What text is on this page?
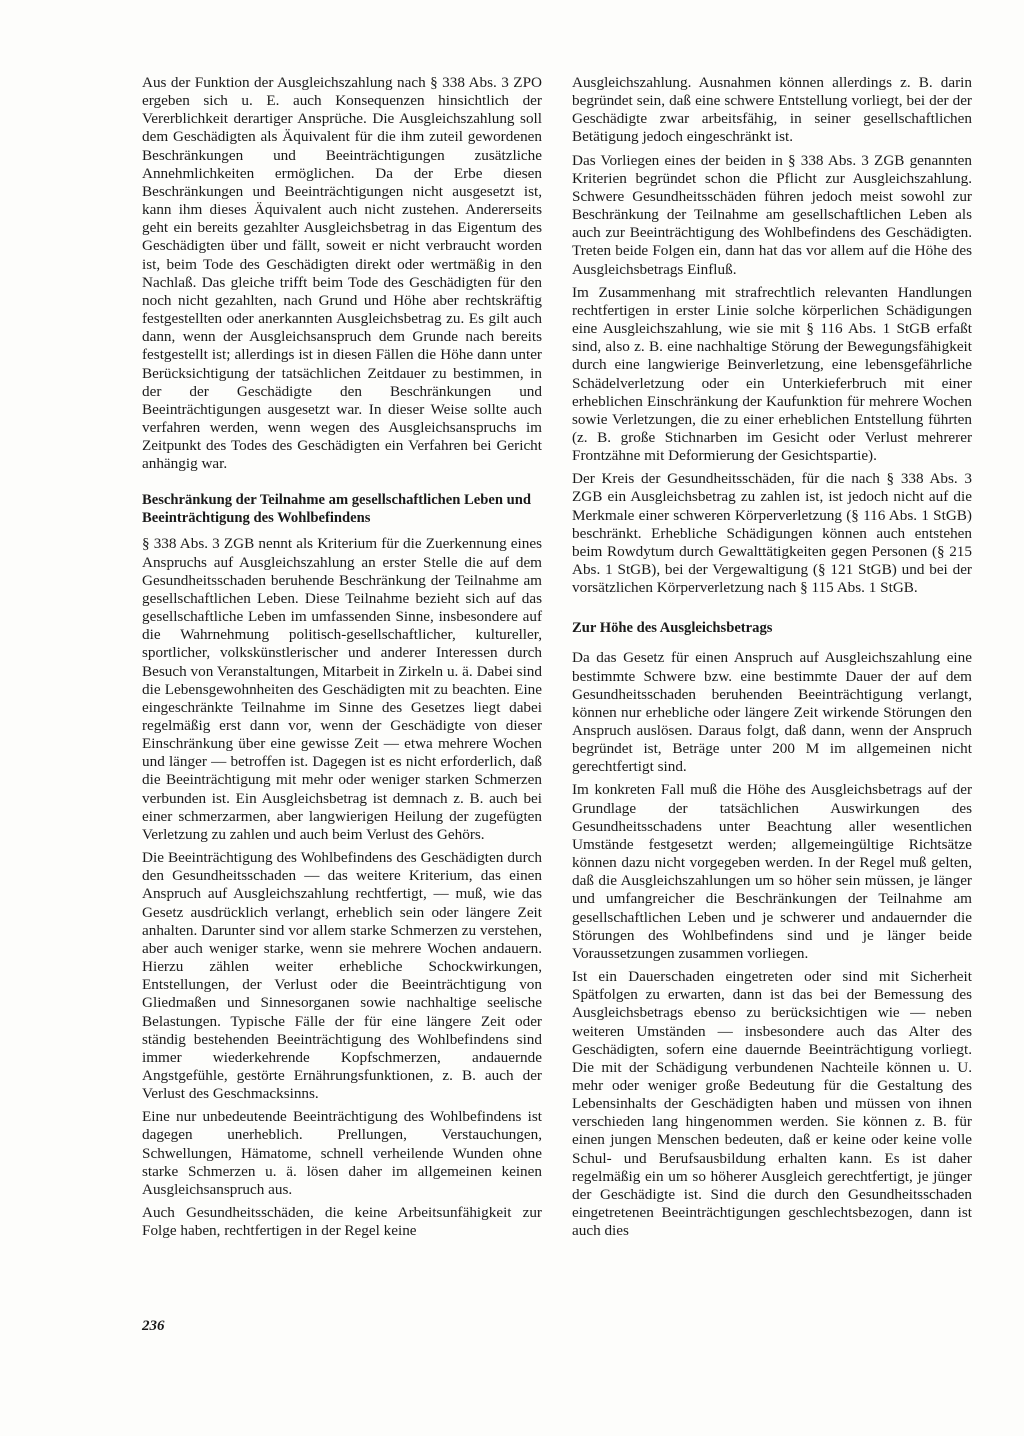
Aus der Funktion der Ausgleichszahlung nach § 338 Abs. 3 ZPO ergeben sich u. E. auch Konsequenzen hinsichtlich der Vererblichkeit derartiger Ansprüche. Die Ausgleichszahlung soll dem Geschädigten als Äquivalent für die ihm zuteil gewordenen Beschränkungen und Beeinträchtigungen zusätzliche Annehmlichkeiten ermöglichen. Da der Erbe diesen Beschränkungen und Beeinträchtigungen nicht ausgesetzt ist, kann ihm dieses Äquivalent auch nicht zustehen. Andererseits geht ein bereits gezahlter Ausgleichsbetrag in das Eigentum des Geschädigten über und fällt, soweit er nicht verbraucht worden ist, beim Tode des Geschädigten direkt oder wertmäßig in den Nachlaß. Das gleiche trifft beim Tode des Geschädigten für den noch nicht gezahlten, nach Grund und Höhe aber rechtskräftig festgestellten oder anerkannten Ausgleichsbetrag zu. Es gilt auch dann, wenn der Ausgleichsanspruch dem Grunde nach bereits festgestellt ist; allerdings ist in diesen Fällen die Höhe dann unter Berücksichtigung der tatsächlichen Zeitdauer zu bestimmen, in der der Geschädigte den Beschränkungen und Beeinträchtigungen ausgesetzt war. In dieser Weise sollte auch verfahren werden, wenn wegen des Ausgleichsanspruchs im Zeitpunkt des Todes des Geschädigten ein Verfahren bei Gericht anhängig war.

Beschränkung der Teilnahme am gesellschaftlichen Leben und Beeinträchtigung des Wohlbefindens

§ 338 Abs. 3 ZGB nennt als Kriterium für die Zuerkennung eines Anspruchs auf Ausgleichszahlung an erster Stelle die auf dem Gesundheitsschaden beruhende Beschränkung der Teilnahme am gesellschaftlichen Leben. Diese Teilnahme bezieht sich auf das gesellschaftliche Leben im umfassenden Sinne, insbesondere auf die Wahrnehmung politisch-gesellschaftlicher, kultureller, sportlicher, volkskünstlerischer und anderer Interessen durch Besuch von Veranstaltungen, Mitarbeit in Zirkeln u. ä. Dabei sind die Lebensgewohnheiten des Geschädigten mit zu beachten. Eine eingeschränkte Teilnahme im Sinne des Gesetzes liegt dabei regelmäßig erst dann vor, wenn der Geschädigte von dieser Einschränkung über eine gewisse Zeit — etwa mehrere Wochen und länger — betroffen ist. Dagegen ist es nicht erforderlich, daß die Beeinträchtigung mit mehr oder weniger starken Schmerzen verbunden ist. Ein Ausgleichsbetrag ist demnach z. B. auch bei einer schmerzarmen, aber langwierigen Heilung der zugefügten Verletzung zu zahlen und auch beim Verlust des Gehörs.

Die Beeinträchtigung des Wohlbefindens des Geschädigten durch den Gesundheitsschaden — das weitere Kriterium, das einen Anspruch auf Ausgleichszahlung rechtfertigt, — muß, wie das Gesetz ausdrücklich verlangt, erheblich sein oder längere Zeit anhalten. Darunter sind vor allem starke Schmerzen zu verstehen, aber auch weniger starke, wenn sie mehrere Wochen andauern. Hierzu zählen weiter erhebliche Schockwirkungen, Entstellungen, der Verlust oder die Beeinträchtigung von Gliedmaßen und Sinnesorganen sowie nachhaltige seelische Belastungen. Typische Fälle der für eine längere Zeit oder ständig bestehenden Beeinträchtigung des Wohlbefindens sind immer wiederkehrende Kopfschmerzen, andauernde Angstgefühle, gestörte Ernährungsfunktionen, z. B. auch der Verlust des Geschmacksinns.

Eine nur unbedeutende Beeinträchtigung des Wohlbefindens ist dagegen unerheblich. Prellungen, Verstauchungen, Schwellungen, Hämatome, schnell verheilende Wunden ohne starke Schmerzen u. ä. lösen daher im allgemeinen keinen Ausgleichsanspruch aus.

Auch Gesundheitsschäden, die keine Arbeitsunfähigkeit zur Folge haben, rechtfertigen in der Regel keine

Ausgleichszahlung. Ausnahmen können allerdings z. B. darin begründet sein, daß eine schwere Entstellung vorliegt, bei der der Geschädigte zwar arbeitsfähig, in seiner gesellschaftlichen Betätigung jedoch eingeschränkt ist.

Das Vorliegen eines der beiden in § 338 Abs. 3 ZGB genannten Kriterien begründet schon die Pflicht zur Ausgleichszahlung. Schwere Gesundheitsschäden führen jedoch meist sowohl zur Beschränkung der Teilnahme am gesellschaftlichen Leben als auch zur Beeinträchtigung des Wohlbefindens des Geschädigten. Treten beide Folgen ein, dann hat das vor allem auf die Höhe des Ausgleichsbetrags Einfluß.

Im Zusammenhang mit strafrechtlich relevanten Handlungen rechtfertigen in erster Linie solche körperlichen Schädigungen eine Ausgleichszahlung, wie sie mit § 116 Abs. 1 StGB erfaßt sind, also z. B. eine nachhaltige Störung der Bewegungsfähigkeit durch eine langwierige Beinverletzung, eine lebensgefährliche Schädelverletzung oder ein Unterkieferbruch mit einer erheblichen Einschränkung der Kaufunktion für mehrere Wochen sowie Verletzungen, die zu einer erheblichen Entstellung führten (z. B. große Stichnarben im Gesicht oder Verlust mehrerer Frontzähne mit Deformierung der Gesichtspartie).

Der Kreis der Gesundheitsschäden, für die nach § 338 Abs. 3 ZGB ein Ausgleichsbetrag zu zahlen ist, ist jedoch nicht auf die Merkmale einer schweren Körperverletzung (§ 116 Abs. 1 StGB) beschränkt. Erhebliche Schädigungen können auch entstehen beim Rowdytum durch Gewalttätigkeiten gegen Personen (§ 215 Abs. 1 StGB), bei der Vergewaltigung (§ 121 StGB) und bei der vorsätzlichen Körperverletzung nach § 115 Abs. 1 StGB.

Zur Höhe des Ausgleichsbetrags

Da das Gesetz für einen Anspruch auf Ausgleichszahlung eine bestimmte Schwere bzw. eine bestimmte Dauer der auf dem Gesundheitsschaden beruhenden Beeinträchtigung verlangt, können nur erhebliche oder längere Zeit wirkende Störungen den Anspruch auslösen. Daraus folgt, daß dann, wenn der Anspruch begründet ist, Beträge unter 200 M im allgemeinen nicht gerechtfertigt sind.

Im konkreten Fall muß die Höhe des Ausgleichsbetrags auf der Grundlage der tatsächlichen Auswirkungen des Gesundheitsschadens unter Beachtung aller wesentlichen Umstände festgesetzt werden; allgemeingültige Richtsätze können dazu nicht vorgegeben werden. In der Regel muß gelten, daß die Ausgleichszahlungen um so höher sein müssen, je länger und umfangreicher die Beschränkungen der Teilnahme am gesellschaftlichen Leben und je schwerer und andauernder die Störungen des Wohlbefindens sind und je länger beide Voraussetzungen zusammen vorliegen.

Ist ein Dauerschaden eingetreten oder sind mit Sicherheit Spätfolgen zu erwarten, dann ist das bei der Bemessung des Ausgleichsbetrags ebenso zu berücksichtigen wie — neben weiteren Umständen — insbesondere auch das Alter des Geschädigten, sofern eine dauernde Beeinträchtigung vorliegt. Die mit der Schädigung verbundenen Nachteile können u. U. mehr oder weniger große Bedeutung für die Gestaltung des Lebensinhalts der Geschädigten haben und müssen von ihnen verschieden lang hingenommen werden. Sie können z. B. für einen jungen Menschen bedeuten, daß er keine oder keine volle Schul- und Berufsausbildung erhalten kann. Es ist daher regelmäßig ein um so höherer Ausgleich gerechtfertigt, je jünger der Geschädigte ist. Sind die durch den Gesundheitsschaden eingetretenen Beeinträchtigungen geschlechtsbezogen, dann ist auch dies

236
